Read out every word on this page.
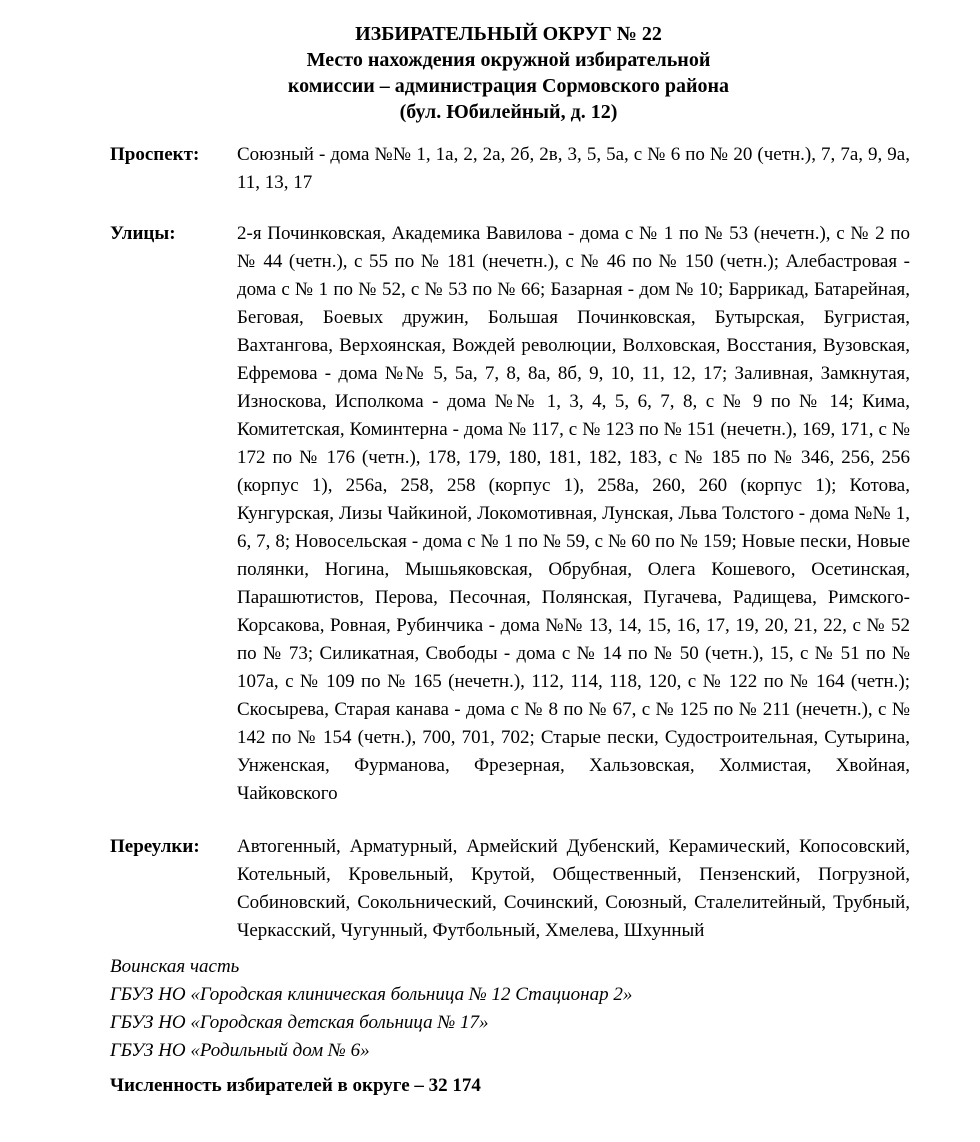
ИЗБИРАТЕЛЬНЫЙ ОКРУГ № 22
Место нахождения окружной избирательной
комиссии – администрация Сормовского района
(бул. Юбилейный, д. 12)
Проспект:	Союзный - дома №№ 1, 1а, 2, 2а, 2б, 2в, 3, 5, 5а, с № 6 по № 20 (четн.), 7, 7а, 9, 9а, 11, 13, 17
Улицы:	2-я Починковская, Академика Вавилова - дома с № 1 по № 53 (нечетн.), с № 2 по № 44 (четн.), с 55 по № 181 (нечетн.), с № 46 по № 150 (четн.); Алебастровая - дома с № 1 по № 52, с № 53 по № 66; Базарная - дом № 10; Баррикад, Батарейная, Беговая, Боевых дружин, Большая Починковская, Бутырская, Бугристая, Вахтангова, Верхоянская, Вождей революции, Волховская, Восстания, Вузовская, Ефремова - дома №№ 5, 5а, 7, 8, 8а, 8б, 9, 10, 11, 12, 17; Заливная, Замкнутая, Износкова, Исполкома - дома №№ 1, 3, 4, 5, 6, 7, 8, с № 9 по № 14; Кима, Комитетская, Коминтерна - дома № 117, с № 123 по № 151 (нечетн.), 169, 171, с № 172 по № 176 (четн.), 178, 179, 180, 181, 182, 183, с № 185 по № 346, 256, 256 (корпус 1), 256а, 258, 258 (корпус 1), 258а, 260, 260 (корпус 1); Котова, Кунгурская, Лизы Чайкиной, Локомотивная, Лунская, Льва Толстого - дома №№ 1, 6, 7, 8; Новосельская - дома с № 1 по № 59, с № 60 по № 159; Новые пески, Новые полянки, Ногина, Мышьяковская, Обрубная, Олега Кошевого, Осетинская, Парашютистов, Перова, Песочная, Полянская, Пугачева, Радищева, Римского-Корсакова, Ровная, Рубинчика - дома №№ 13, 14, 15, 16, 17, 19, 20, 21, 22, с № 52 по № 73; Силикатная, Свободы - дома с № 14 по № 50 (четн.), 15, с № 51 по № 107а, с № 109 по № 165 (нечетн.), 112, 114, 118, 120, с № 122 по № 164 (четн.); Скосырева, Старая канава - дома с № 8 по № 67, с № 125 по № 211 (нечетн.), с № 142 по № 154 (четн.), 700, 701, 702; Старые пески, Судостроительная, Сутырина, Унженская, Фурманова, Фрезерная, Хальзовская, Холмистая, Хвойная, Чайковского
Переулки:	Автогенный, Арматурный, Армейский Дубенский, Керамический, Копосовский, Котельный, Кровельный, Крутой, Общественный, Пензенский, Погрузной, Собиновский, Сокольнический, Сочинский, Союзный, Сталелитейный, Трубный, Черкасский, Чугунный, Футбольный, Хмелева, Шхунный
Воинская часть
ГБУЗ НО «Городская клиническая больница № 12 Стационар 2»
ГБУЗ НО «Городская детская больница № 17»
ГБУЗ НО «Родильный дом № 6»
Численность избирателей в округе – 32 174
